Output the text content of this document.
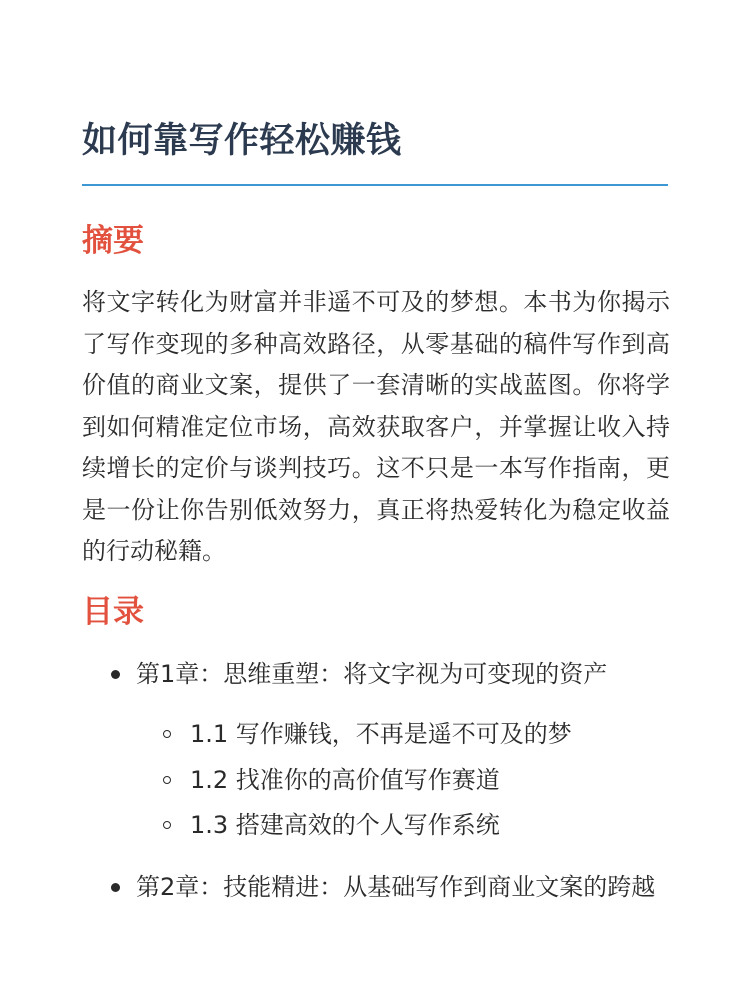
如何靠写作轻松赚钱
摘要

将文字转化为财富并非遥不可及的梦想。本书为你揭示了写作变现的多种高效路径，从零基础的稿件写作到高价值的商业文案，提供了一套清晰的实战蓝图。你将学到如何精准定位市场，高效获取客户，并掌握让收入持续增长的定价与谈判技巧。这不只是一本写作指南，更是一份让你告别低效努力，真正将热爱转化为稳定收益的行动秘籍。

目录
第1章：思维重塑：将文字视为可变现的资产
1.1 写作赚钱，不再是遥不可及的梦
1.2 找准你的高价值写作赛道
1.3 搭建高效的个人写作系统
第2章：技能精进：从基础写作到商业文案的跨越
